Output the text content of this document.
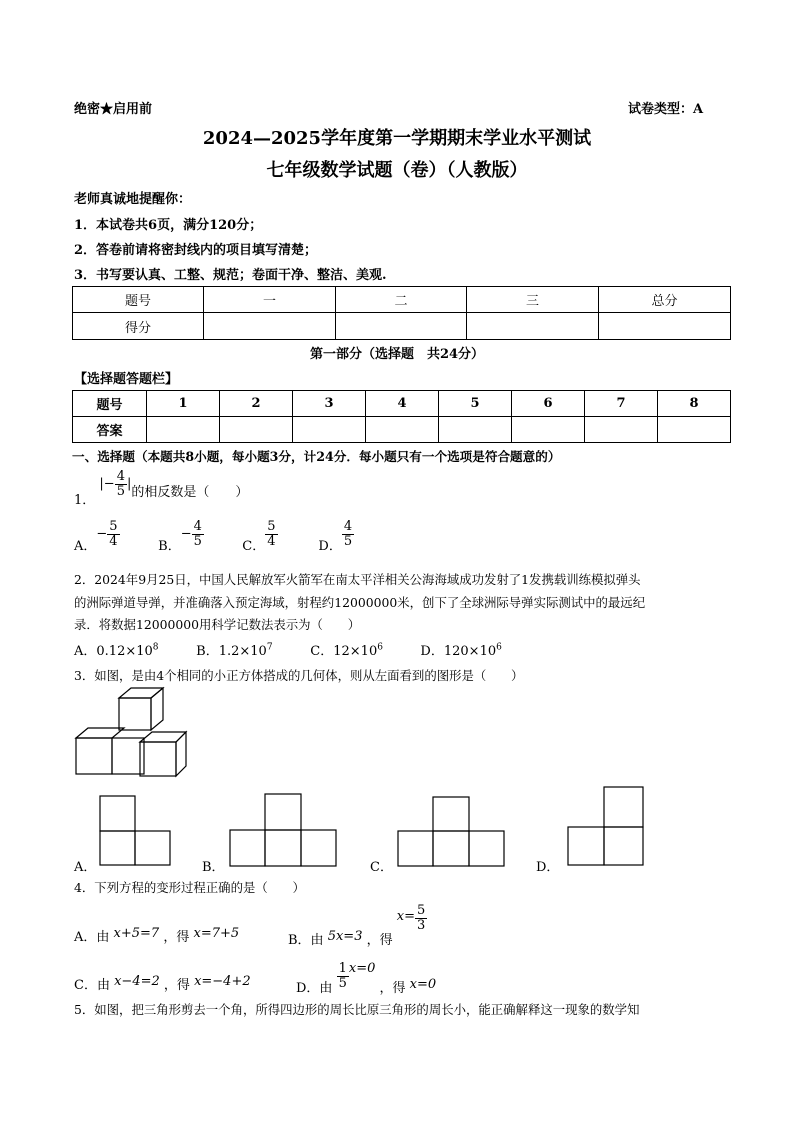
绝密★启用前	试卷类型：A
2024—2025学年度第一学期期末学业水平测试
七年级数学试题（卷）（人教版）
老师真诚地提醒你：
1．本试卷共6页，满分120分；
2．答卷前请将密封线内的项目填写清楚；
3．书写要认真、工整、规范；卷面干净、整洁、美观.
题号	一	二	三	总分
得分				
第一部分（选择题　共24分）
【选择题答题栏】
题号	1	2	3	4	5	6	7	8
答案								
一、选择题（本题共8小题，每小题3分，计24分．每小题只有一个选项是符合题意的）
1． |− $\frac{4}{5}$ |的相反数是（　　）
A．− $\frac{5}{4}$	B．− $\frac{4}{5}$	C． $\frac{5}{4}$	D． $\frac{4}{5}$
2．2024年9月25日，中国人民解放军火箭军在南太平洋相关公海海域成功发射了1发携载训练模拟弹头
的洲际弹道导弹，并准确落入预定海域，射程约12000000米，创下了全球洲际导弹实际测试中的最远纪
录．将数据12000000用科学记数法表示为（　　）
A．$0.12\times 10^8$	B．$1.2\times 10^7$	C．$12\times 10^6$	D．$120\times 10^6$
3．如图，是由4个相同的小正方体搭成的几何体，则从左面看到的图形是（　　）
A．	B．	C．	D．
4．下列方程的变形过程正确的是（　　）
A．由 x+5=7 ，得 x=7+5	B．由 5x=3 ，得 $x= \frac{5}{3}$
C．由 x−4=2 ，得 x=−4+2	D．由 $\frac{1}{5} x=0$ ，得 x=0
5．如图，把三角形剪去一个角，所得四边形的周长比原三角形的周长小，能正确解释这一现象的数学知
